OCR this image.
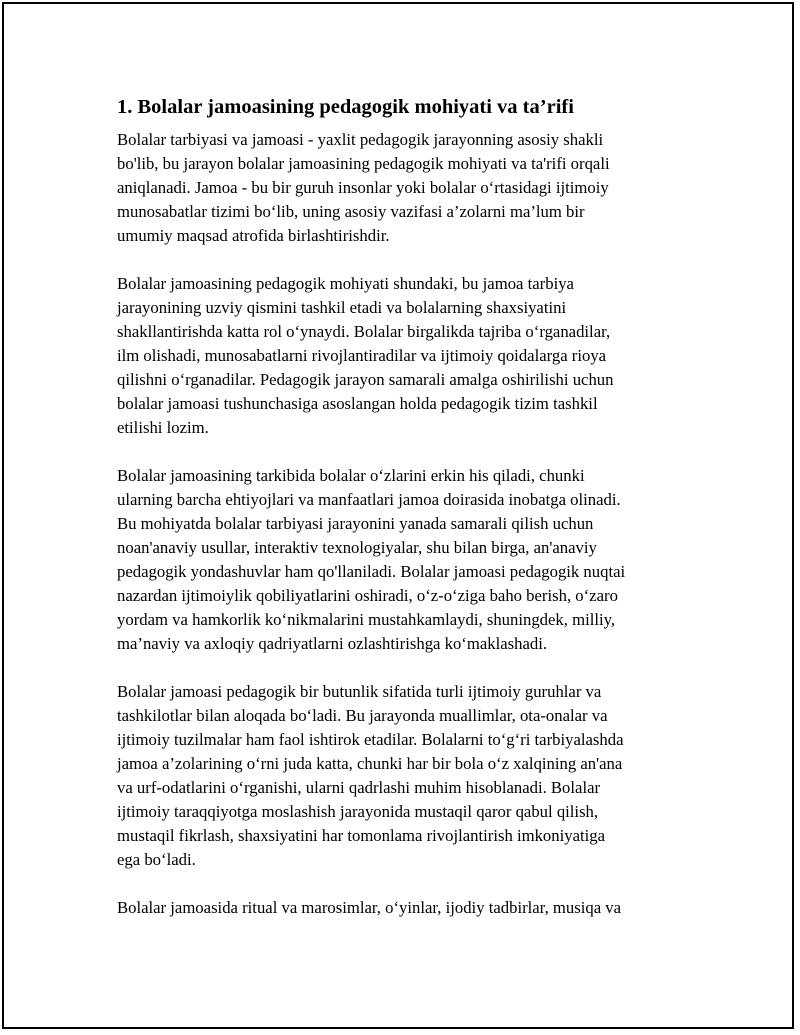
1. Bolalar jamoasining pedagogik mohiyati va ta’rifi

Bolalar tarbiyasi va jamoasi - yaxlit pedagogik jarayonning asosiy shakli
bo'lib, bu jarayon bolalar jamoasining pedagogik mohiyati va ta'rifi orqali
aniqlanadi. Jamoa - bu bir guruh insonlar yoki bolalar o‘rtasidagi ijtimoiy
munosabatlar tizimi bo‘lib, uning asosiy vazifasi a’zolarni ma’lum bir
umumiy maqsad atrofida birlashtirishdir.

Bolalar jamoasining pedagogik mohiyati shundaki, bu jamoa tarbiya
jarayonining uzviy qismini tashkil etadi va bolalarning shaxsiyatini
shakllantirishda katta rol o‘ynaydi. Bolalar birgalikda tajriba o‘rganadilar,
ilm olishadi, munosabatlarni rivojlantiradilar va ijtimoiy qoidalarga rioya
qilishni o‘rganadilar. Pedagogik jarayon samarali amalga oshirilishi uchun
bolalar jamoasi tushunchasiga asoslangan holda pedagogik tizim tashkil
etilishi lozim.

Bolalar jamoasining tarkibida bolalar o‘zlarini erkin his qiladi, chunki
ularning barcha ehtiyojlari va manfaatlari jamoa doirasida inobatga olinadi.
Bu mohiyatda bolalar tarbiyasi jarayonini yanada samarali qilish uchun
noan'anaviy usullar, interaktiv texnologiyalar, shu bilan birga, an'anaviy
pedagogik yondashuvlar ham qo'llaniladi. Bolalar jamoasi pedagogik nuqtai
nazardan ijtimoiylik qobiliyatlarini oshiradi, o‘z-o‘ziga baho berish, o‘zaro
yordam va hamkorlik ko‘nikmalarini mustahkamlaydi, shuningdek, milliy,
ma’naviy va axloqiy qadriyatlarni ozlashtirishga ko‘maklashadi.

Bolalar jamoasi pedagogik bir butunlik sifatida turli ijtimoiy guruhlar va
tashkilotlar bilan aloqada bo‘ladi. Bu jarayonda muallimlar, ota-onalar va
ijtimoiy tuzilmalar ham faol ishtirok etadilar. Bolalarni to‘g‘ri tarbiyalashda
jamoa a’zolarining o‘rni juda katta, chunki har bir bola o‘z xalqining an'ana
va urf-odatlarini o‘rganishi, ularni qadrlashi muhim hisoblanadi. Bolalar
ijtimoiy taraqqiyotga moslashish jarayonida mustaqil qaror qabul qilish,
mustaqil fikrlash, shaxsiyatini har tomonlama rivojlantirish imkoniyatiga
ega bo‘ladi.

Bolalar jamoasida ritual va marosimlar, o‘yinlar, ijodiy tadbirlar, musiqa va
